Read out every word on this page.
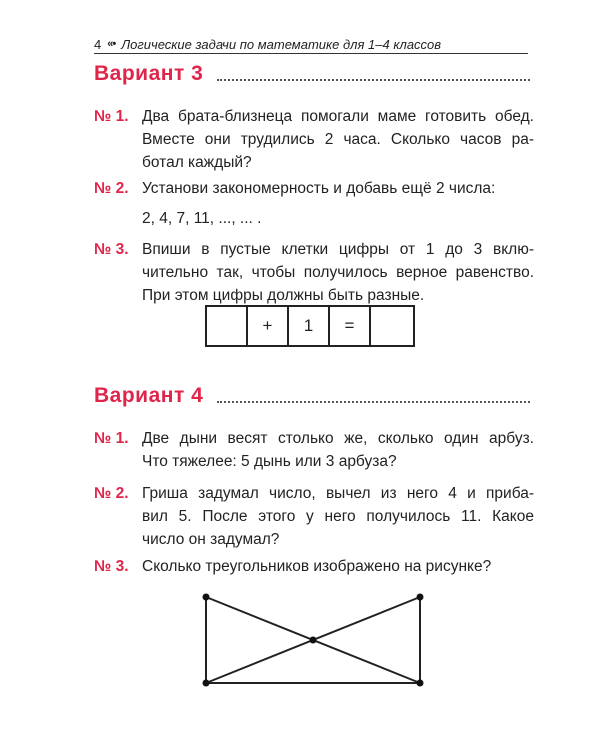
4 «• Логические задачи по математике для 1–4 классов
Вариант 3
№ 1. Два брата-близнеца помогали маме готовить обед.
Вместе они трудились 2 часа. Сколько часов ра-
ботал каждый?
№ 2. Установи закономерность и добавь ещё 2 числа:
2, 4, 7, 11, ..., ... .
№ 3. Впиши в пустые клетки цифры от 1 до 3 вклю-
чительно так, чтобы получилось верное равенство.
При этом цифры должны быть разные.
+	1	=
Вариант 4
№ 1. Две дыни весят столько же, сколько один арбуз.
Что тяжелее: 5 дынь или 3 арбуза?
№ 2. Гриша задумал число, вычел из него 4 и приба-
вил 5. После этого у него получилось 11. Какое
число он задумал?
№ 3. Сколько треугольников изображено на рисунке?
